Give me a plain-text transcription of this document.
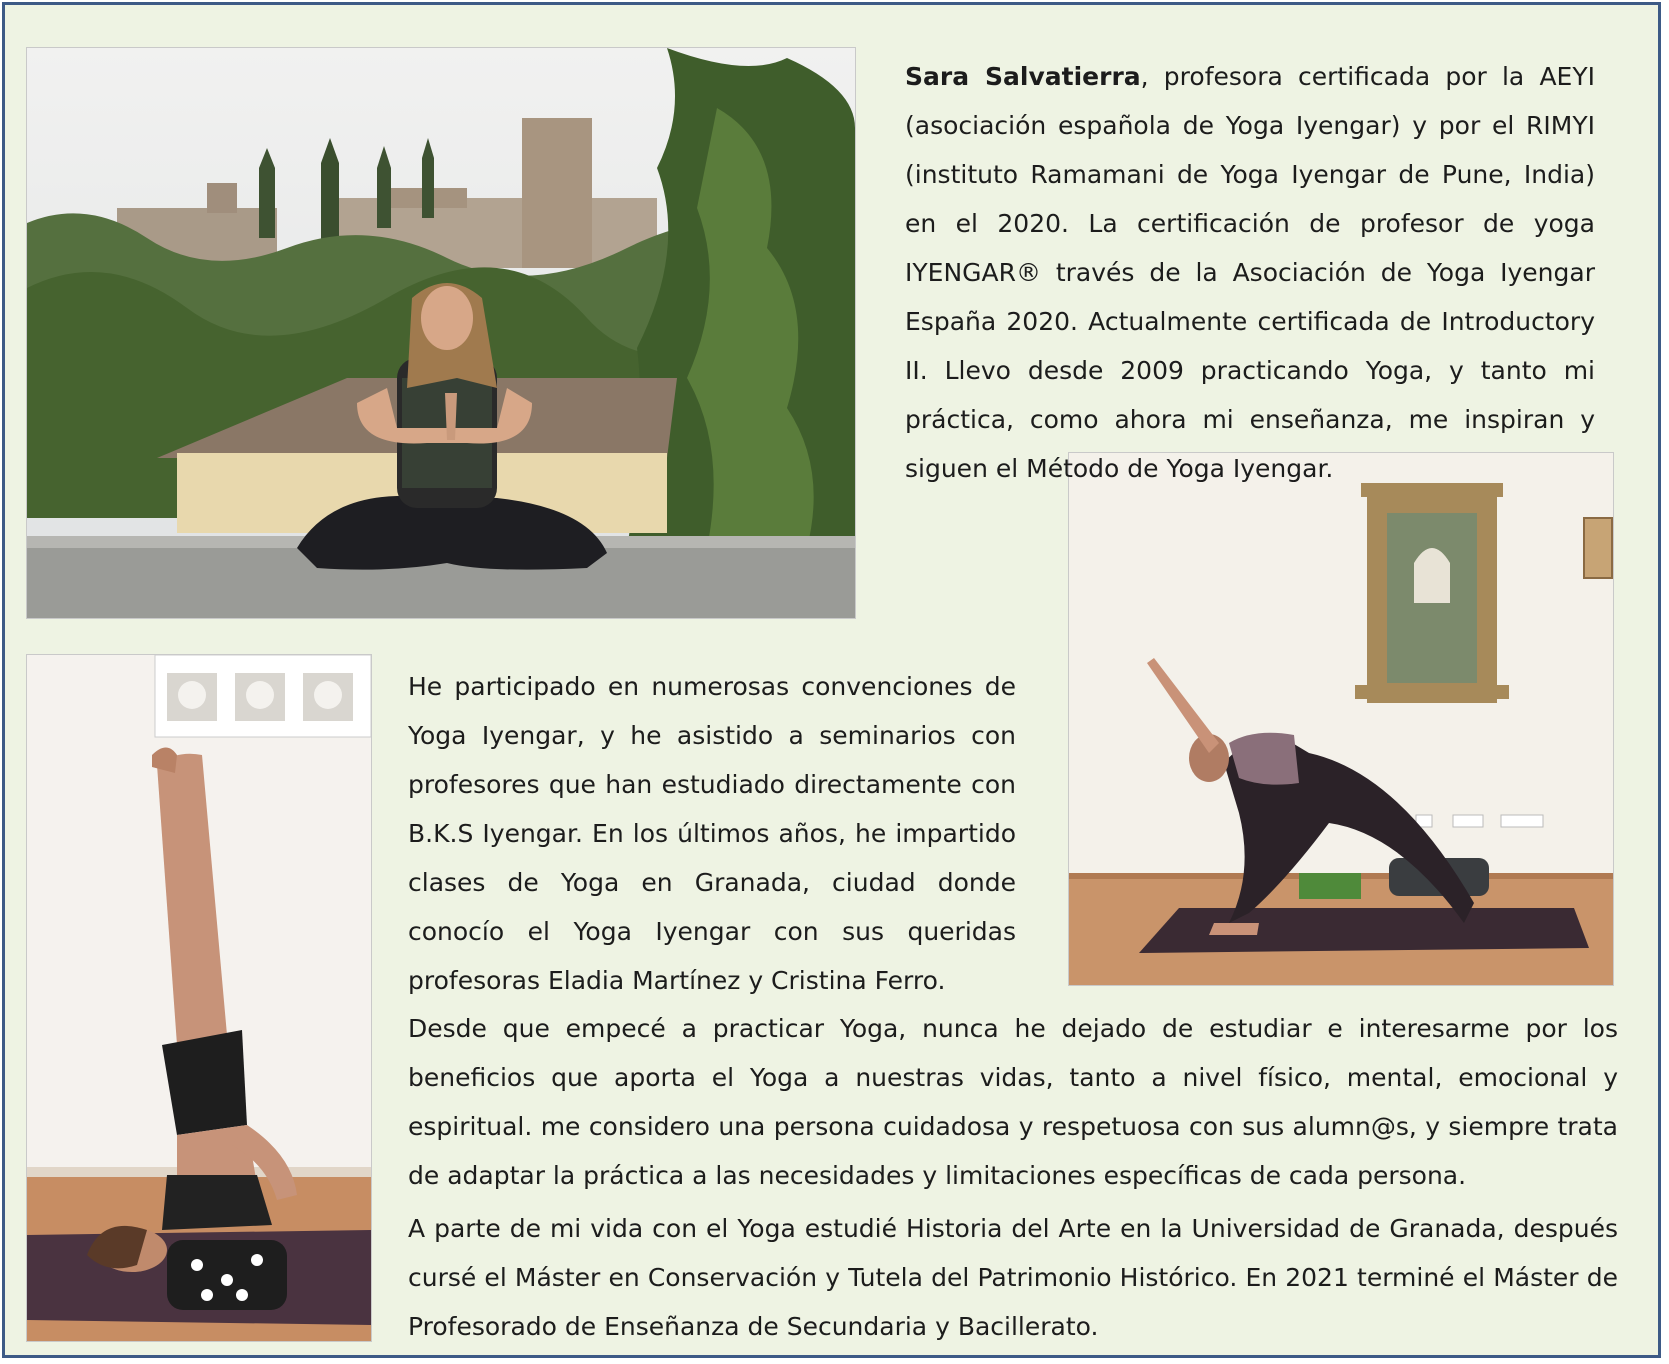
Sara Salvatierra, profesora certificada por la AEYI (asociación española de Yoga Iyengar) y por el RIMYI (instituto Ramamani de Yoga Iyengar de Pune, India) en el 2020. La certificación de profesor de yoga IYENGAR® través de la Asociación de Yoga Iyengar España 2020. Actualmente certificada de Introductory II. Llevo desde 2009 practicando Yoga, y tanto mi práctica, como ahora mi enseñanza, me inspiran y siguen el Método de Yoga Iyengar.

He participado en numerosas convenciones de Yoga Iyengar, y he asistido a seminarios con profesores que han estudiado directamente con B.K.S Iyengar. En los últimos años, he impartido clases de Yoga en Granada, ciudad donde conocío el Yoga Iyengar con sus queridas profesoras Eladia Martínez y Cristina Ferro.

Desde que empecé a practicar Yoga, nunca he dejado de estudiar e interesarme por los beneficios que aporta el Yoga a nuestras vidas, tanto a nivel físico, mental, emocional y espiritual. me considero una persona cuidadosa y respetuosa con sus alumn@s, y siempre trata de adaptar la práctica a las necesidades y limitaciones específicas de cada persona.

A parte de mi vida con el Yoga estudié Historia del Arte en la Universidad de Granada, después cursé el Máster en Conservación y Tutela del Patrimonio Histórico. En 2021 terminé el Máster de Profesorado de Enseñanza de Secundaria y Bacillerato.
